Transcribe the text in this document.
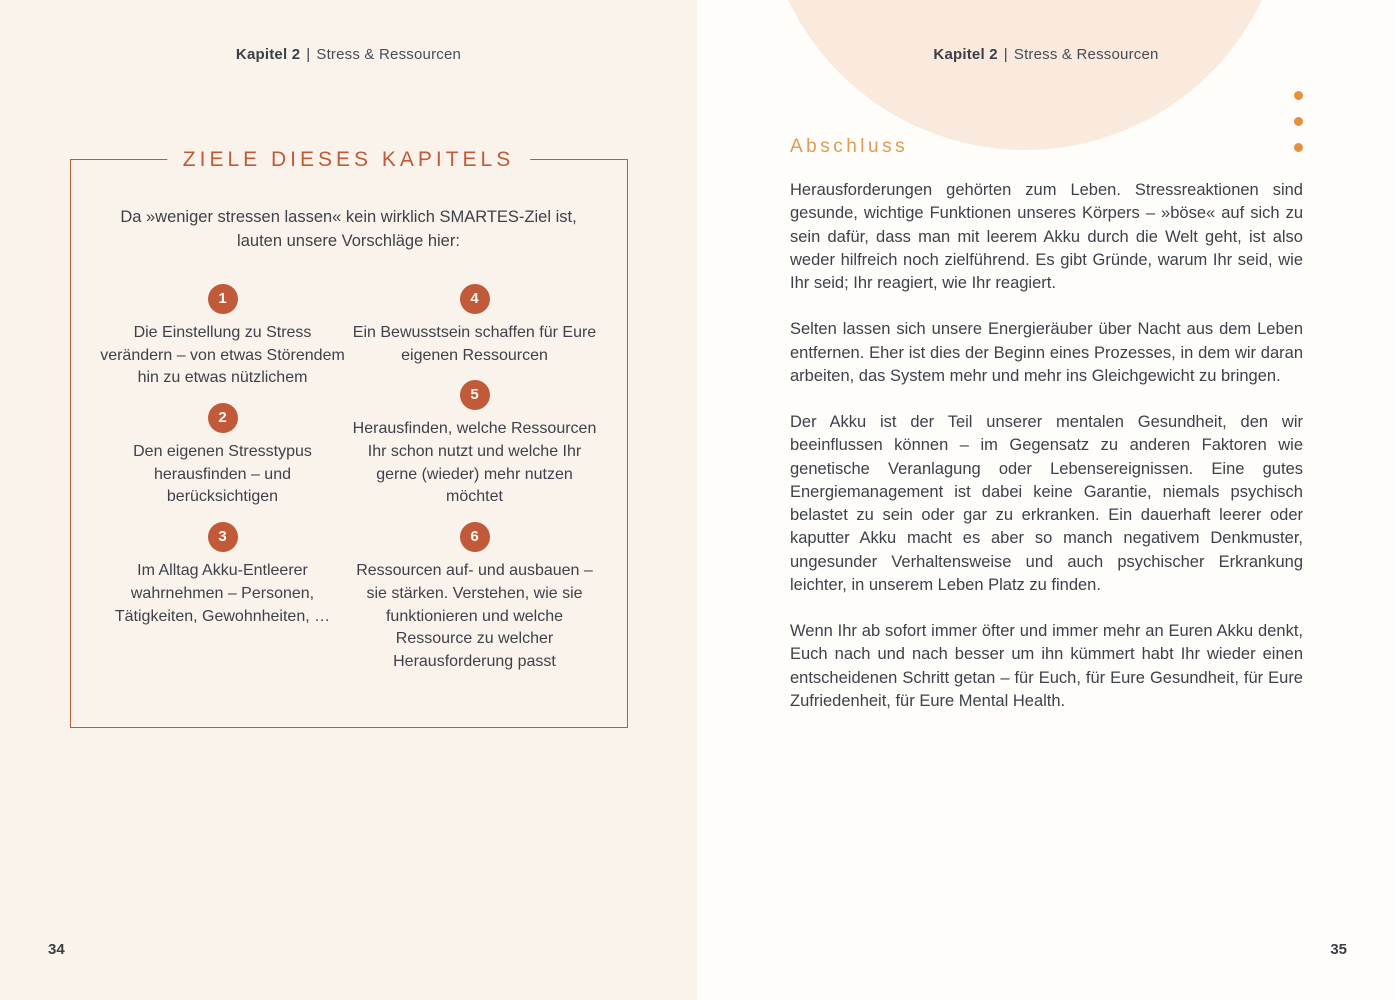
Kapitel 2 | Stress & Ressourcen
ZIELE DIESES KAPITELS

Da »weniger stressen lassen« kein wirklich SMARTES-Ziel ist, lauten unsere Vorschläge hier:

1

Die Einstellung zu Stress verändern – von etwas Störendem hin zu etwas nützlichem

2

Den eigenen Stresstypus herausfinden – und berücksichtigen

3

Im Alltag Akku-Entleerer wahrnehmen – Personen, Tätigkeiten, Gewohnheiten, …

4

Ein Bewusstsein schaffen für Eure eigenen Ressourcen

5

Herausfinden, welche Ressourcen Ihr schon nutzt und welche Ihr gerne (wieder) mehr nutzen möchtet

6

Ressourcen auf- und ausbauen – sie stärken. Verstehen, wie sie funktionieren und welche Ressource zu welcher Herausforderung passt

34
Kapitel 2 | Stress & Ressourcen
Abschluss

Herausforderungen gehörten zum Leben. Stressreaktionen sind gesunde, wichtige Funktionen unseres Körpers – »böse« auf sich zu sein dafür, dass man mit leerem Akku durch die Welt geht, ist also weder hilfreich noch zielführend. Es gibt Gründe, warum Ihr seid, wie Ihr seid; Ihr reagiert, wie Ihr reagiert.

Selten lassen sich unsere Energieräuber über Nacht aus dem Leben entfernen. Eher ist dies der Beginn eines Prozesses, in dem wir daran arbeiten, das System mehr und mehr ins Gleichgewicht zu bringen.

Der Akku ist der Teil unserer mentalen Gesundheit, den wir beeinflussen können – im Gegensatz zu anderen Faktoren wie genetische Veranlagung oder Lebensereignissen. Eine gutes Energiemanagement ist dabei keine Garantie, niemals psychisch belastet zu sein oder gar zu erkranken. Ein dauerhaft leerer oder kaputter Akku macht es aber so manch negativem Denkmuster, ungesunder Verhaltensweise und auch psychischer Erkrankung leichter, in unserem Leben Platz zu finden.

Wenn Ihr ab sofort immer öfter und immer mehr an Euren Akku denkt, Euch nach und nach besser um ihn kümmert habt Ihr wieder einen entscheidenen Schritt getan – für Euch, für Eure Gesundheit, für Eure Zufriedenheit, für Eure Mental Health.

35
